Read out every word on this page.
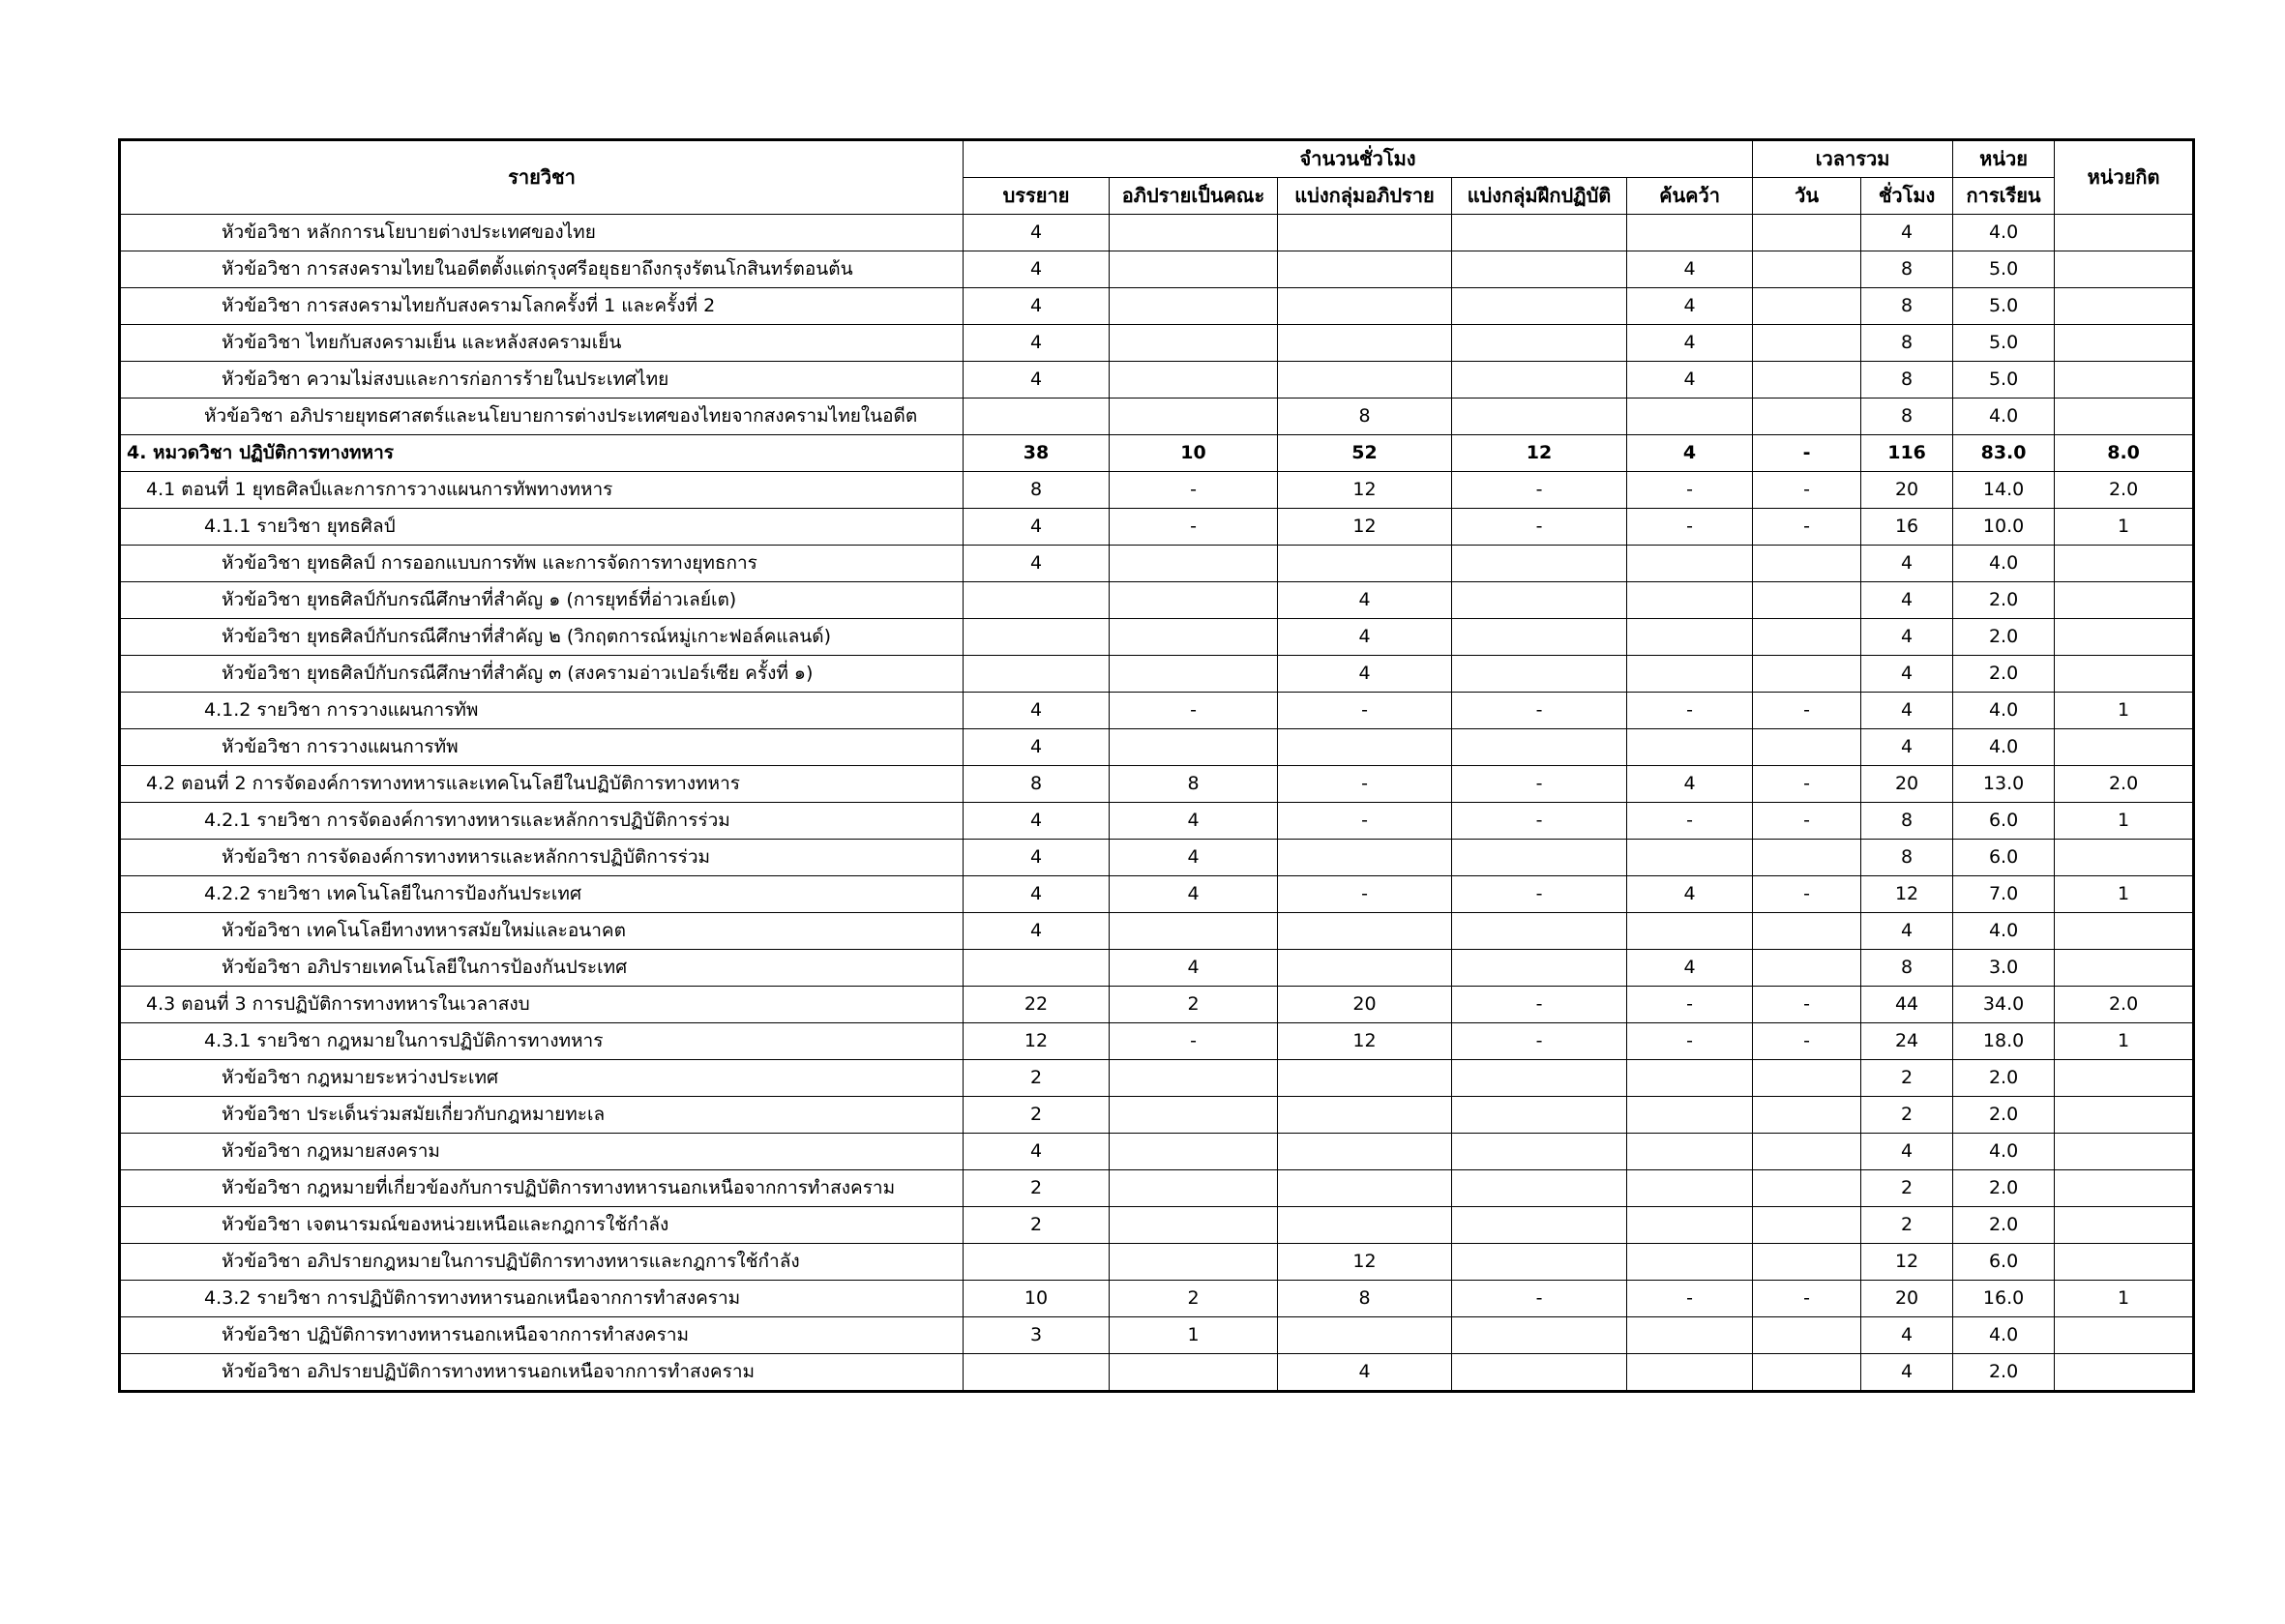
รายวิชา	จำนวนชั่วโมง					เวลารวม		หน่วย	หน่วยกิต
	บรรยาย	อภิปรายเป็นคณะ	แบ่งกลุ่มอภิปราย	แบ่งกลุ่มฝึกปฏิบัติ	ค้นคว้า	วัน	ชั่วโมง	การเรียน	
หัวข้อวิชา หลักการนโยบายต่างประเทศของไทย	4						4	4.0	
หัวข้อวิชา การสงครามไทยในอดีตตั้งแต่กรุงศรีอยุธยาถึงกรุงรัตนโกสินทร์ตอนต้น	4				4		8	5.0	
หัวข้อวิชา การสงครามไทยกับสงครามโลกครั้งที่ 1 และครั้งที่ 2	4				4		8	5.0	
หัวข้อวิชา ไทยกับสงครามเย็น และหลังสงครามเย็น	4				4		8	5.0	
หัวข้อวิชา ความไม่สงบและการก่อการร้ายในประเทศไทย	4				4		8	5.0	
หัวข้อวิชา อภิปรายยุทธศาสตร์และนโยบายการต่างประเทศของไทยจากสงครามไทยในอดีต			8				8	4.0	
4. หมวดวิชา ปฏิบัติการทางทหาร	38	10	52	12	4	-	116	83.0	8.0
4.1 ตอนที่ 1 ยุทธศิลป์และการการวางแผนการทัพทางทหาร	8	-	12	-	-	-	20	14.0	2.0
4.1.1 รายวิชา ยุทธศิลป์	4	-	12	-	-	-	16	10.0	1
หัวข้อวิชา ยุทธศิลป์ การออกแบบการทัพ และการจัดการทางยุทธการ	4						4	4.0	
หัวข้อวิชา ยุทธศิลป์กับกรณีศึกษาที่สำคัญ ๑ (การยุทธ์ที่อ่าวเลย์เต)			4				4	2.0	
หัวข้อวิชา ยุทธศิลป์กับกรณีศึกษาที่สำคัญ ๒ (วิกฤตการณ์หมู่เกาะฟอล์คแลนด์)			4				4	2.0	
หัวข้อวิชา ยุทธศิลป์กับกรณีศึกษาที่สำคัญ ๓ (สงครามอ่าวเปอร์เซีย ครั้งที่ ๑)			4				4	2.0	
4.1.2 รายวิชา การวางแผนการทัพ	4	-	-	-	-	-	4	4.0	1
หัวข้อวิชา การวางแผนการทัพ	4						4	4.0	
4.2 ตอนที่ 2 การจัดองค์การทางทหารและเทคโนโลยีในปฏิบัติการทางทหาร	8	8	-	-	4	-	20	13.0	2.0
4.2.1 รายวิชา การจัดองค์การทางทหารและหลักการปฏิบัติการร่วม	4	4	-	-	-	-	8	6.0	1
หัวข้อวิชา การจัดองค์การทางทหารและหลักการปฏิบัติการร่วม	4	4					8	6.0	
4.2.2 รายวิชา เทคโนโลยีในการป้องกันประเทศ	4	4	-	-	4	-	12	7.0	1
หัวข้อวิชา เทคโนโลยีทางทหารสมัยใหม่และอนาคต	4						4	4.0	
หัวข้อวิชา อภิปรายเทคโนโลยีในการป้องกันประเทศ		4			4		8	3.0	
4.3 ตอนที่ 3 การปฏิบัติการทางทหารในเวลาสงบ	22	2	20	-	-	-	44	34.0	2.0
4.3.1 รายวิชา กฎหมายในการปฏิบัติการทางทหาร	12	-	12	-	-	-	24	18.0	1
หัวข้อวิชา กฎหมายระหว่างประเทศ	2						2	2.0	
หัวข้อวิชา ประเด็นร่วมสมัยเกี่ยวกับกฎหมายทะเล	2						2	2.0	
หัวข้อวิชา กฎหมายสงคราม	4						4	4.0	
หัวข้อวิชา กฎหมายที่เกี่ยวข้องกับการปฏิบัติการทางทหารนอกเหนือจากการทำสงคราม	2						2	2.0	
หัวข้อวิชา เจตนารมณ์ของหน่วยเหนือและกฎการใช้กำลัง	2						2	2.0	
หัวข้อวิชา อภิปรายกฎหมายในการปฏิบัติการทางทหารและกฎการใช้กำลัง			12				12	6.0	
4.3.2 รายวิชา การปฏิบัติการทางทหารนอกเหนือจากการทำสงคราม	10	2	8	-	-	-	20	16.0	1
หัวข้อวิชา ปฏิบัติการทางทหารนอกเหนือจากการทำสงคราม	3	1					4	4.0	
หัวข้อวิชา อภิปรายปฏิบัติการทางทหารนอกเหนือจากการทำสงคราม			4				4	2.0	
